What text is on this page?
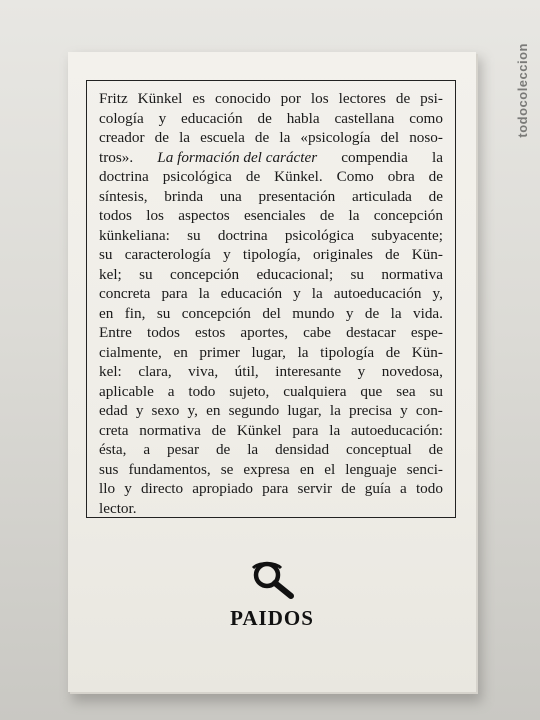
todocoleccion
Fritz Künkel es conocido por los lectores de psi-
cología y educación de habla castellana como
creador de la escuela de la «psicología del noso-
tros». La formación del carácter compendia la
doctrina psicológica de Künkel. Como obra de
síntesis, brinda una presentación articulada de
todos los aspectos esenciales de la concepción
künkeliana: su doctrina psicológica subyacente;
su caracterología y tipología, originales de Kün-
kel; su concepción educacional; su normativa
concreta para la educación y la autoeducación y,
en fin, su concepción del mundo y de la vida.
Entre todos estos aportes, cabe destacar espe-
cialmente, en primer lugar, la tipología de Kün-
kel: clara, viva, útil, interesante y novedosa,
aplicable a todo sujeto, cualquiera que sea su
edad y sexo y, en segundo lugar, la precisa y con-
creta normativa de Künkel para la autoeducación:
ésta, a pesar de la densidad conceptual de
sus fundamentos, se expresa en el lenguaje senci-
llo y directo apropiado para servir de guía a todo
lector.
PAIDOS
